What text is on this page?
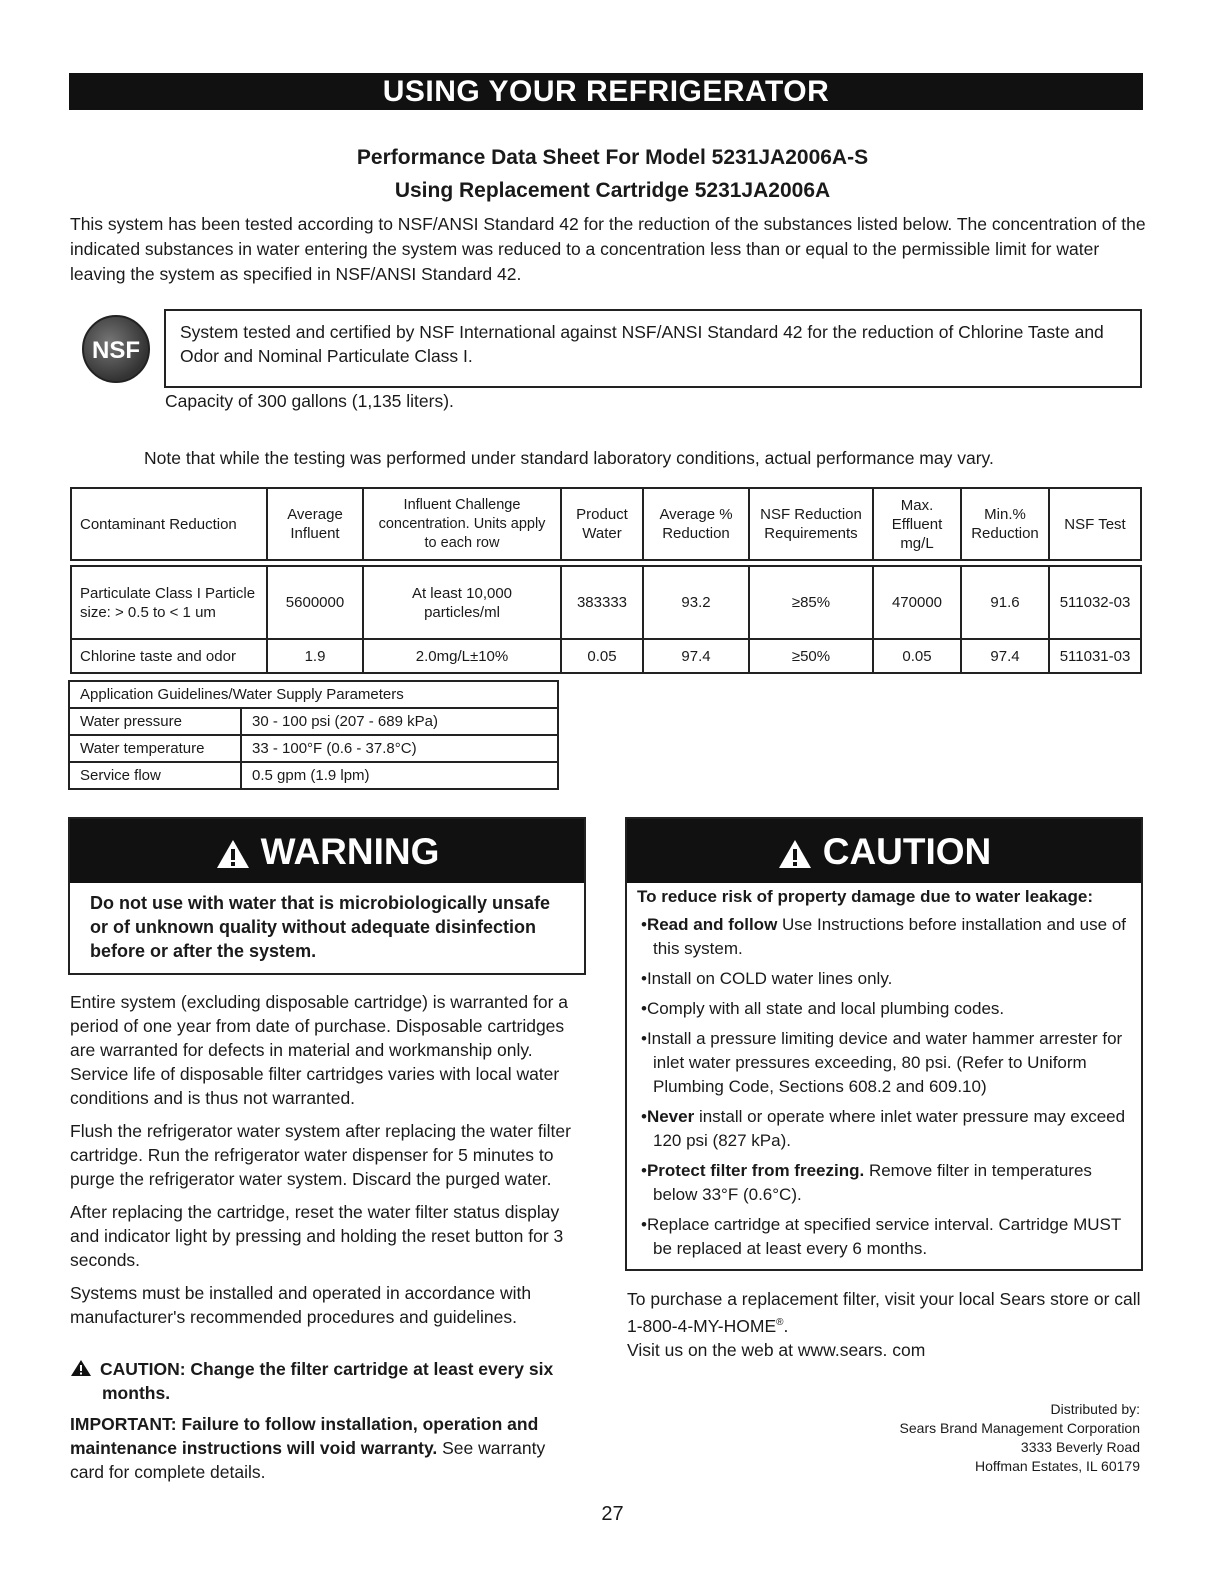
USING YOUR REFRIGERATOR
Performance Data Sheet For Model 5231JA2006A-S
Using Replacement Cartridge 5231JA2006A
This system has been tested according to NSF/ANSI Standard 42 for the reduction of the substances listed below. The concentration of the indicated substances in water entering the system was reduced to a concentration less than or equal to the permissible limit for water leaving the system as specified in NSF/ANSI Standard 42.
NSF
System tested and certified by NSF International against NSF/ANSI Standard 42 for the reduction of Chlorine Taste and Odor and Nominal Particulate Class I.
Capacity of 300 gallons (1,135 liters).
Note that while the testing was performed under standard laboratory conditions, actual performance may vary.
Contaminant Reduction	Average Influent	Influent Challenge concentration. Units apply to each row	Product Water	Average % Reduction	NSF Reduction Requirements	Max. Effluent mg/L	Min.% Reduction	NSF Test

Particulate Class I Particle size: > 0.5 to < 1 um	5600000	At least 10,000 particles/ml	383333	93.2	≥85%	470000	91.6	511032-03
Chlorine taste and odor	1.9	2.0mg/L±10%	0.05	97.4	≥50%	0.05	97.4	511031-03
Application Guidelines/Water Supply Parameters	
Water pressure	30 - 100 psi (207 - 689 kPa)
Water temperature	33 - 100°F (0.6 - 37.8°C)
Service flow	0.5 gpm (1.9 lpm)
WARNING
Do not use with water that is microbiologically unsafe or of unknown quality without adequate disinfection before or after the system.

Entire system (excluding disposable cartridge) is warranted for a period of one year from date of purchase. Disposable cartridges are warranted for defects in material and workmanship only. Service life of disposable filter cartridges varies with local water conditions and is thus not warranted.

Flush the refrigerator water system after replacing the water filter cartridge. Run the refrigerator water dispenser for 5 minutes to purge the refrigerator water system. Discard the purged water.

After replacing the cartridge, reset the water filter status display and indicator light by pressing and holding the reset button for 3 seconds.

Systems must be installed and operated in accordance with manufacturer's recommended procedures and guidelines.

CAUTION: Change the filter cartridge at least every six months.
IMPORTANT: Failure to follow installation, operation and maintenance instructions will void warranty. See warranty card for complete details.
CAUTION
To reduce risk of property damage due to water leakage:
•Read and follow Use Instructions before installation and use of this system.
•Install on COLD water lines only.
•Comply with all state and local plumbing codes.
•Install a pressure limiting device and water hammer arrester for inlet water pressures exceeding, 80 psi. (Refer to Uniform Plumbing Code, Sections 608.2 and 609.10)
•Never install or operate where inlet water pressure may exceed 120 psi (827 kPa).
•Protect filter from freezing. Remove filter in temperatures below 33°F (0.6°C).
•Replace cartridge at specified service interval. Cartridge MUST be replaced at least every 6 months.
To purchase a replacement filter, visit your local Sears store or call 1-800-4-MY-HOME®.
Visit us on the web at www.sears. com
Distributed by:
Sears Brand Management Corporation
3333 Beverly Road
Hoffman Estates, IL 60179
27
